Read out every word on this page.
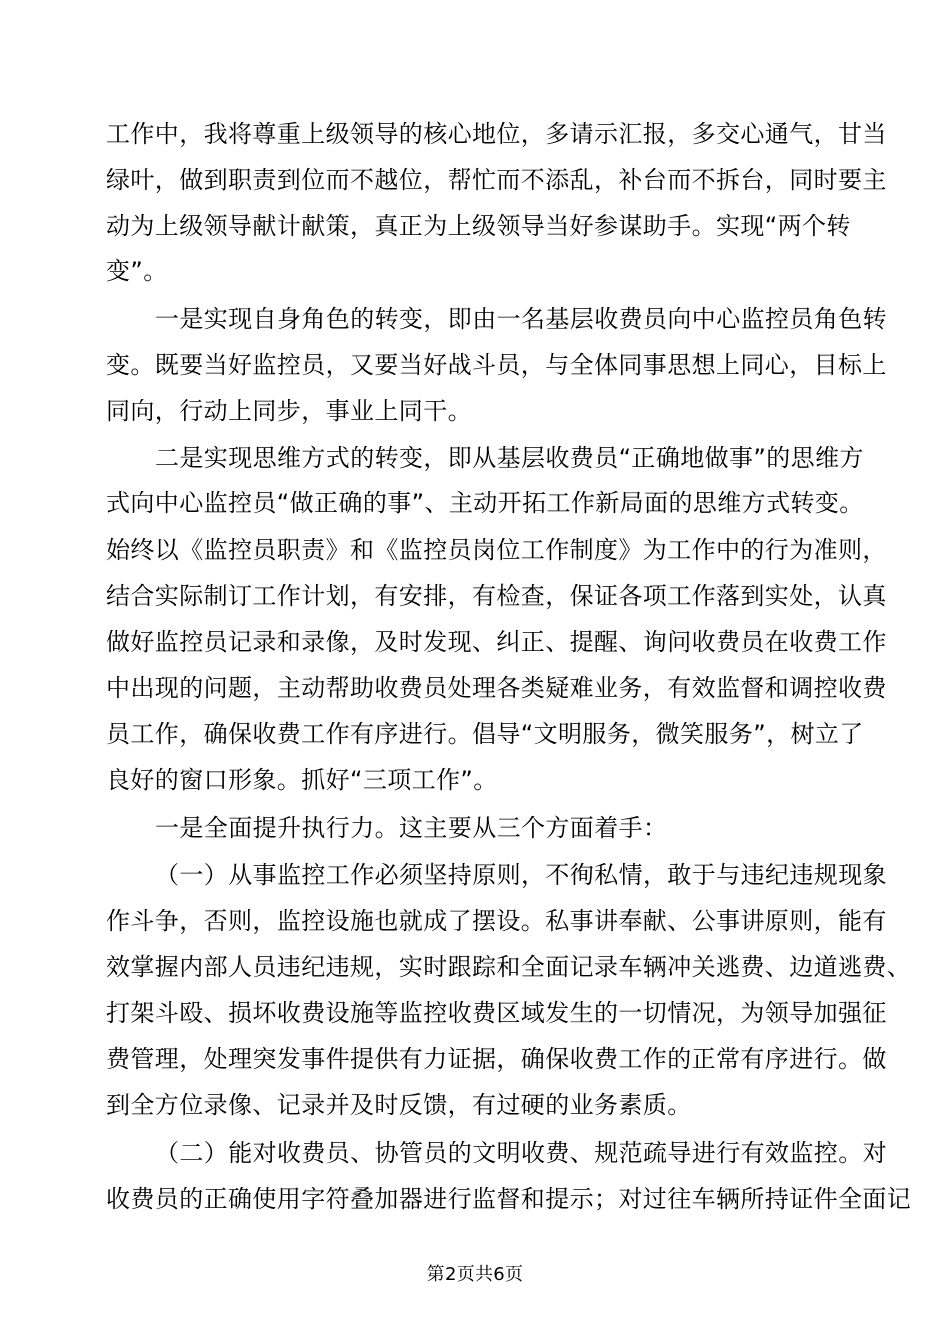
工作中，我将尊重上级领导的核心地位，多请示汇报，多交心通气，甘当
绿叶，做到职责到位而不越位，帮忙而不添乱，补台而不拆台，同时要主
动为上级领导献计献策，真正为上级领导当好参谋助手。实现“两个转
变”。
一是实现自身角色的转变，即由一名基层收费员向中心监控员角色转
变。既要当好监控员，又要当好战斗员，与全体同事思想上同心，目标上
同向，行动上同步，事业上同干。
二是实现思维方式的转变，即从基层收费员“正确地做事”的思维方
式向中心监控员“做正确的事”、主动开拓工作新局面的思维方式转变。
始终以《监控员职责》和《监控员岗位工作制度》为工作中的行为准则，
结合实际制订工作计划，有安排，有检查，保证各项工作落到实处，认真
做好监控员记录和录像，及时发现、纠正、提醒、询问收费员在收费工作
中出现的问题，主动帮助收费员处理各类疑难业务，有效监督和调控收费
员工作，确保收费工作有序进行。倡导“文明服务，微笑服务”，树立了
良好的窗口形象。抓好“三项工作”。
一是全面提升执行力。这主要从三个方面着手：
（一）从事监控工作必须坚持原则，不徇私情，敢于与违纪违规现象
作斗争，否则，监控设施也就成了摆设。私事讲奉献、公事讲原则，能有
效掌握内部人员违纪违规，实时跟踪和全面记录车辆冲关逃费、边道逃费、
打架斗殴、损坏收费设施等监控收费区域发生的一切情况，为领导加强征
费管理，处理突发事件提供有力证据，确保收费工作的正常有序进行。做
到全方位录像、记录并及时反馈，有过硬的业务素质。
（二）能对收费员、协管员的文明收费、规范疏导进行有效监控。对
收费员的正确使用字符叠加器进行监督和提示；对过往车辆所持证件全面记
第2页共6页
